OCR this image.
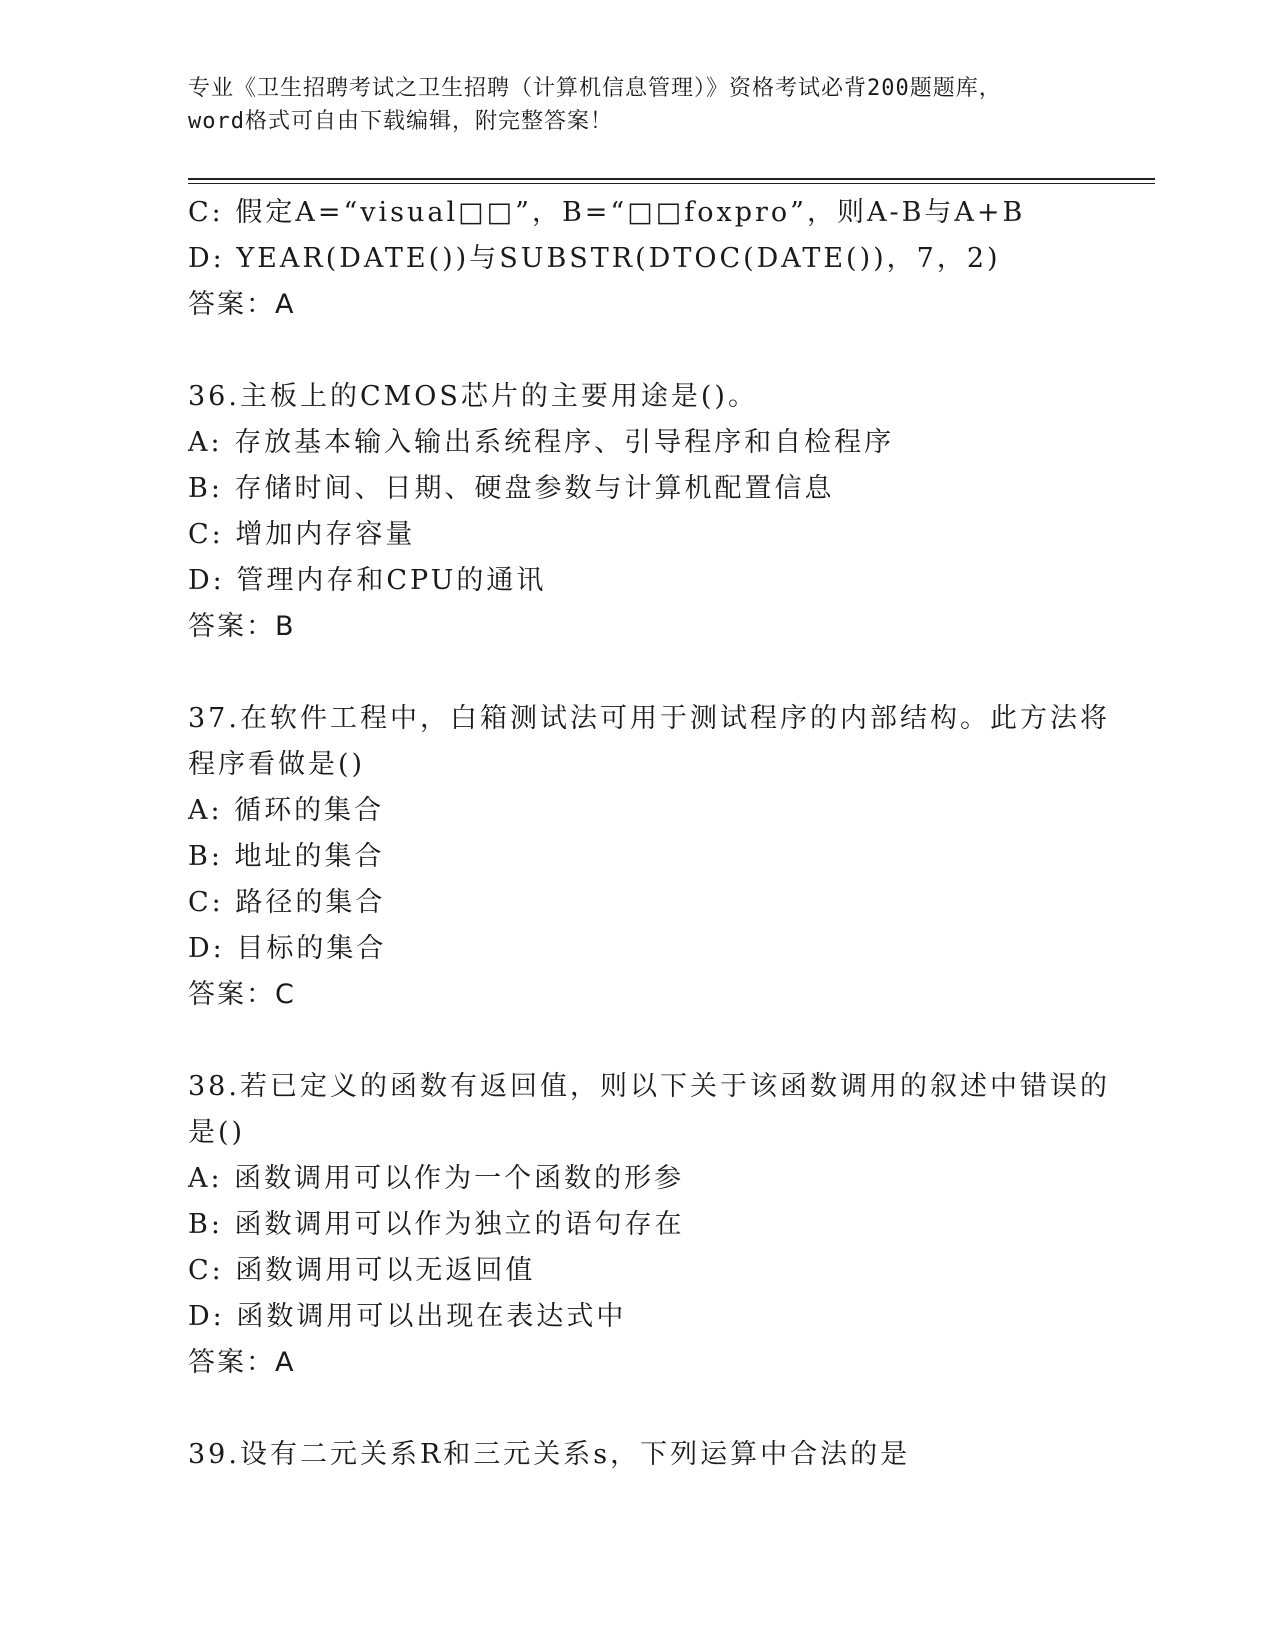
专业《卫生招聘考试之卫生招聘（计算机信息管理）》资格考试必背200题题库，
word格式可自由下载编辑，附完整答案！
C: 假定A=“visual□□”，B=“□□foxpro”，则A-B与A+B
D: YEAR(DATE())与SUBSTR(DTOC(DATE())，7，2)
答案：A
36.主板上的CMOS芯片的主要用途是()。
A: 存放基本输入输出系统程序、引导程序和自检程序
B: 存储时间、日期、硬盘参数与计算机配置信息
C: 增加内存容量
D: 管理内存和CPU的通讯
答案：B
37.在软件工程中，白箱测试法可用于测试程序的内部结构。此方法将
程序看做是()
A: 循环的集合
B: 地址的集合
C: 路径的集合
D: 目标的集合
答案：C
38.若已定义的函数有返回值，则以下关于该函数调用的叙述中错误的
是()
A: 函数调用可以作为一个函数的形参
B: 函数调用可以作为独立的语句存在
C: 函数调用可以无返回值
D: 函数调用可以出现在表达式中
答案：A
39.设有二元关系R和三元关系s，下列运算中合法的是
